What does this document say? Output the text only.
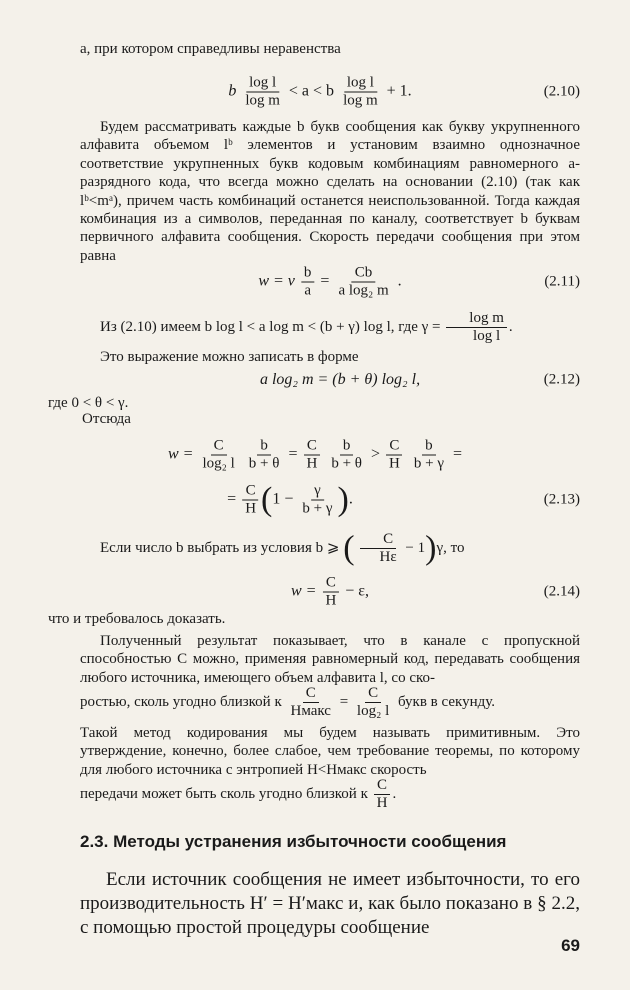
а, при котором справедливы неравенства

b $\frac{\text{log l}}{\text{log m}} < a < b \frac{\text{log l}}{\text{log m}} + 1$.	(2.10)

Будем рассматривать каждые b букв сообщения как букву укрупненного алфавита объемом lᵇ элементов и установим взаимно однозначное соответствие укрупненных букв кодовым комбинациям равномерного a-разрядного кода, что всегда можно сделать на основании (2.10) (так как lᵇ<mᵃ), причем часть комбинаций останется неиспользованной. Тогда каждая комбинация из a символов, переданная по каналу, соответствует b буквам первичного алфавита сообщения. Скорость передачи сообщения при этом равна

w = v $\frac{b}{a} = \frac{Cb}{\text{a log₂ m}}$ .	(2.11)
Из (2.10) имеем b log l < a log m < (b + γ) log l, где $\gamma = \frac{\text{log m}}{\text{log l}}$ .

Это выражение можно записать в форме

a log₂ m = (b + θ) log₂ l,	(2.12)

где 0 < θ < γ.

Отсюда

$w = \frac{C}{\text{log₂ l}}$
$\frac{b}{b + \theta} = \frac{C}{H}$
$\frac{b}{b + \theta} > \frac{C}{H}$
$\frac{b}{b + \gamma}$ =
= $\frac{C}{H} (1 - \frac{\gamma}{b + \gamma}$ ).	(2.13)
Если число b выбрать из условия b ⩾ ( $\frac{C}{H\varepsilon} - 1)\gamma$, то
$w = \frac{C}{H} - \varepsilon$,	(2.14)

что и требовалось доказать.

Полученный результат показывает, что в канале с пропускной способностью C можно, применяя равномерный код, передавать сообщения любого источника, имеющего объем алфавита l, со ско-

ростью, сколь угодно близкой к $\frac{C}{\text{Hмакс}} = \frac{C}{\text{log₂ l}}$ букв в секунду.

Такой метод кодирования мы будем называть примитивным. Это утверждение, конечно, более слабое, чем требование теоремы, по которому для любого источника с энтропией H<Hмакс скорость

передачи может быть сколь угодно близкой к $\frac{C}{H}$ .
2.3. Методы устранения избыточности сообщения

Если источник сообщения не имеет избыточности, то его производительность H′ = H′макс и, как было показано в § 2.2, с помощью простой процедуры сообщение

69
